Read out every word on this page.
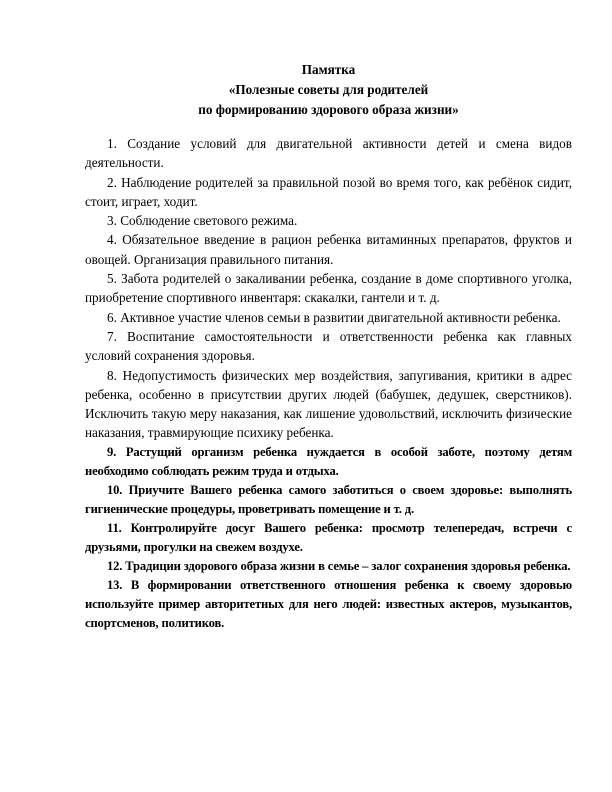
Памятка
«Полезные советы для родителей
по формированию здорового образа жизни»

1. Создание условий для двигательной активности детей и смена видов деятельности.

2. Наблюдение родителей за правильной позой во время того, как ребёнок сидит, стоит, играет, ходит.

3. Соблюдение светового режима.

4. Обязательное введение в рацион ребенка витаминных препаратов, фруктов и овощей. Организация правильного питания.

5. Забота родителей о закаливании ребенка, создание в доме спортивного уголка, приобретение спортивного инвентаря: скакалки, гантели и т. д.

6. Активное участие членов семьи в развитии двигательной активности ребенка.

7. Воспитание самостоятельности и ответственности ребенка как главных условий сохранения здоровья.

8. Недопустимость физических мер воздействия, запугивания, критики в адрес ребенка, особенно в присутствии других людей (бабушек, дедушек, сверстников). Исключить такую меру наказания, как лишение удовольствий, исключить физические наказания, травмирующие психику ребенка.

9. Растущий организм ребенка нуждается в особой заботе, поэтому детям необходимо соблюдать режим труда и отдыха.

10. Приучите Вашего ребенка самого заботиться о своем здоровье: выполнять гигиенические процедуры, проветривать помещение и т. д.

11. Контролируйте досуг Вашего ребенка: просмотр телепередач, встречи с друзьями, прогулки на свежем воздухе.

12. Традиции здорового образа жизни в семье – залог сохранения здоровья ребенка.

13. В формировании ответственного отношения ребенка к своему здоровью используйте пример авторитетных для него людей: известных актеров, музыкантов, спортсменов, политиков.
